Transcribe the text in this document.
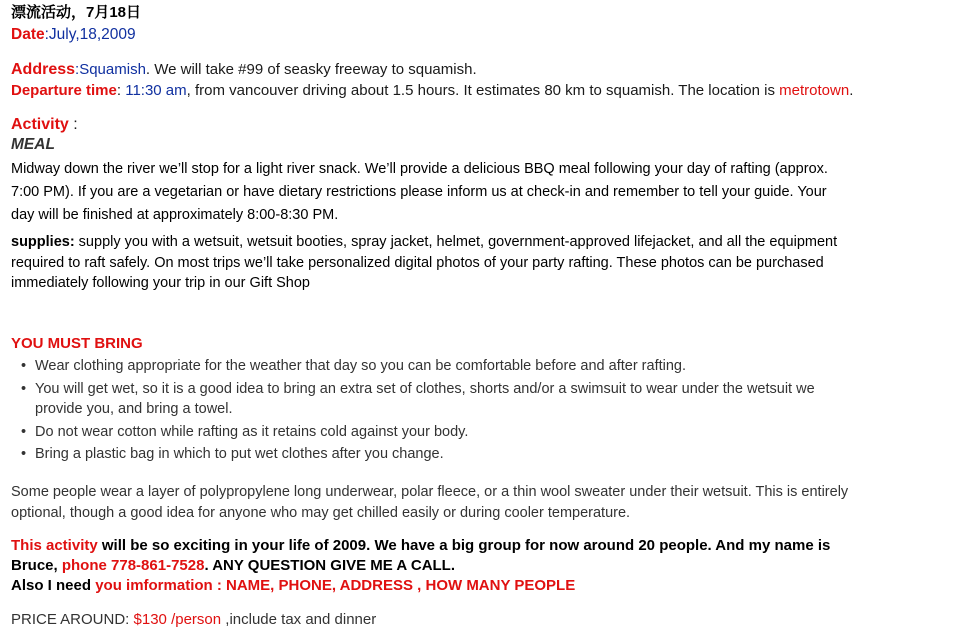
漂流活动，7月18日
Date:July,18,2009
Address:Squamish. We will take #99 of seasky freeway to squamish.
Departure time: 11:30 am, from vancouver driving about 1.5 hours. It estimates 80 km to squamish. The location is metrotown.
Activity :
MEAL
Midway down the river we’ll stop for a light river snack. We’ll provide a delicious BBQ meal following your day of rafting (approx.
7:00 PM). If you are a vegetarian or have dietary restrictions please inform us at check-in and remember to tell your guide. Your
day will be finished at approximately 8:00-8:30 PM.
supplies: supply you with a wetsuit, wetsuit booties, spray jacket, helmet, government-approved lifejacket, and all the equipment
required to raft safely. On most trips we’ll take personalized digital photos of your party rafting. These photos can be purchased
immediately following your trip in our Gift Shop
YOU MUST BRING
• Wear clothing appropriate for the weather that day so you can be comfortable before and after rafting.
• You will get wet, so it is a good idea to bring an extra set of clothes, shorts and/or a swimsuit to wear under the wetsuit we
provide you, and bring a towel.
• Do not wear cotton while rafting as it retains cold against your body.
• Bring a plastic bag in which to put wet clothes after you change.
Some people wear a layer of polypropylene long underwear, polar fleece, or a thin wool sweater under their wetsuit. This is entirely
optional, though a good idea for anyone who may get chilled easily or during cooler temperature.
This activity will be so exciting in your life of 2009. We have a big group for now around 20 people. And my name is
Bruce, phone 778-861-7528. ANY QUESTION GIVE ME A CALL.
Also I need you imformation : NAME, PHONE, ADDRESS , HOW MANY PEOPLE
PRICE AROUND: $130 /person ,include tax and dinner
